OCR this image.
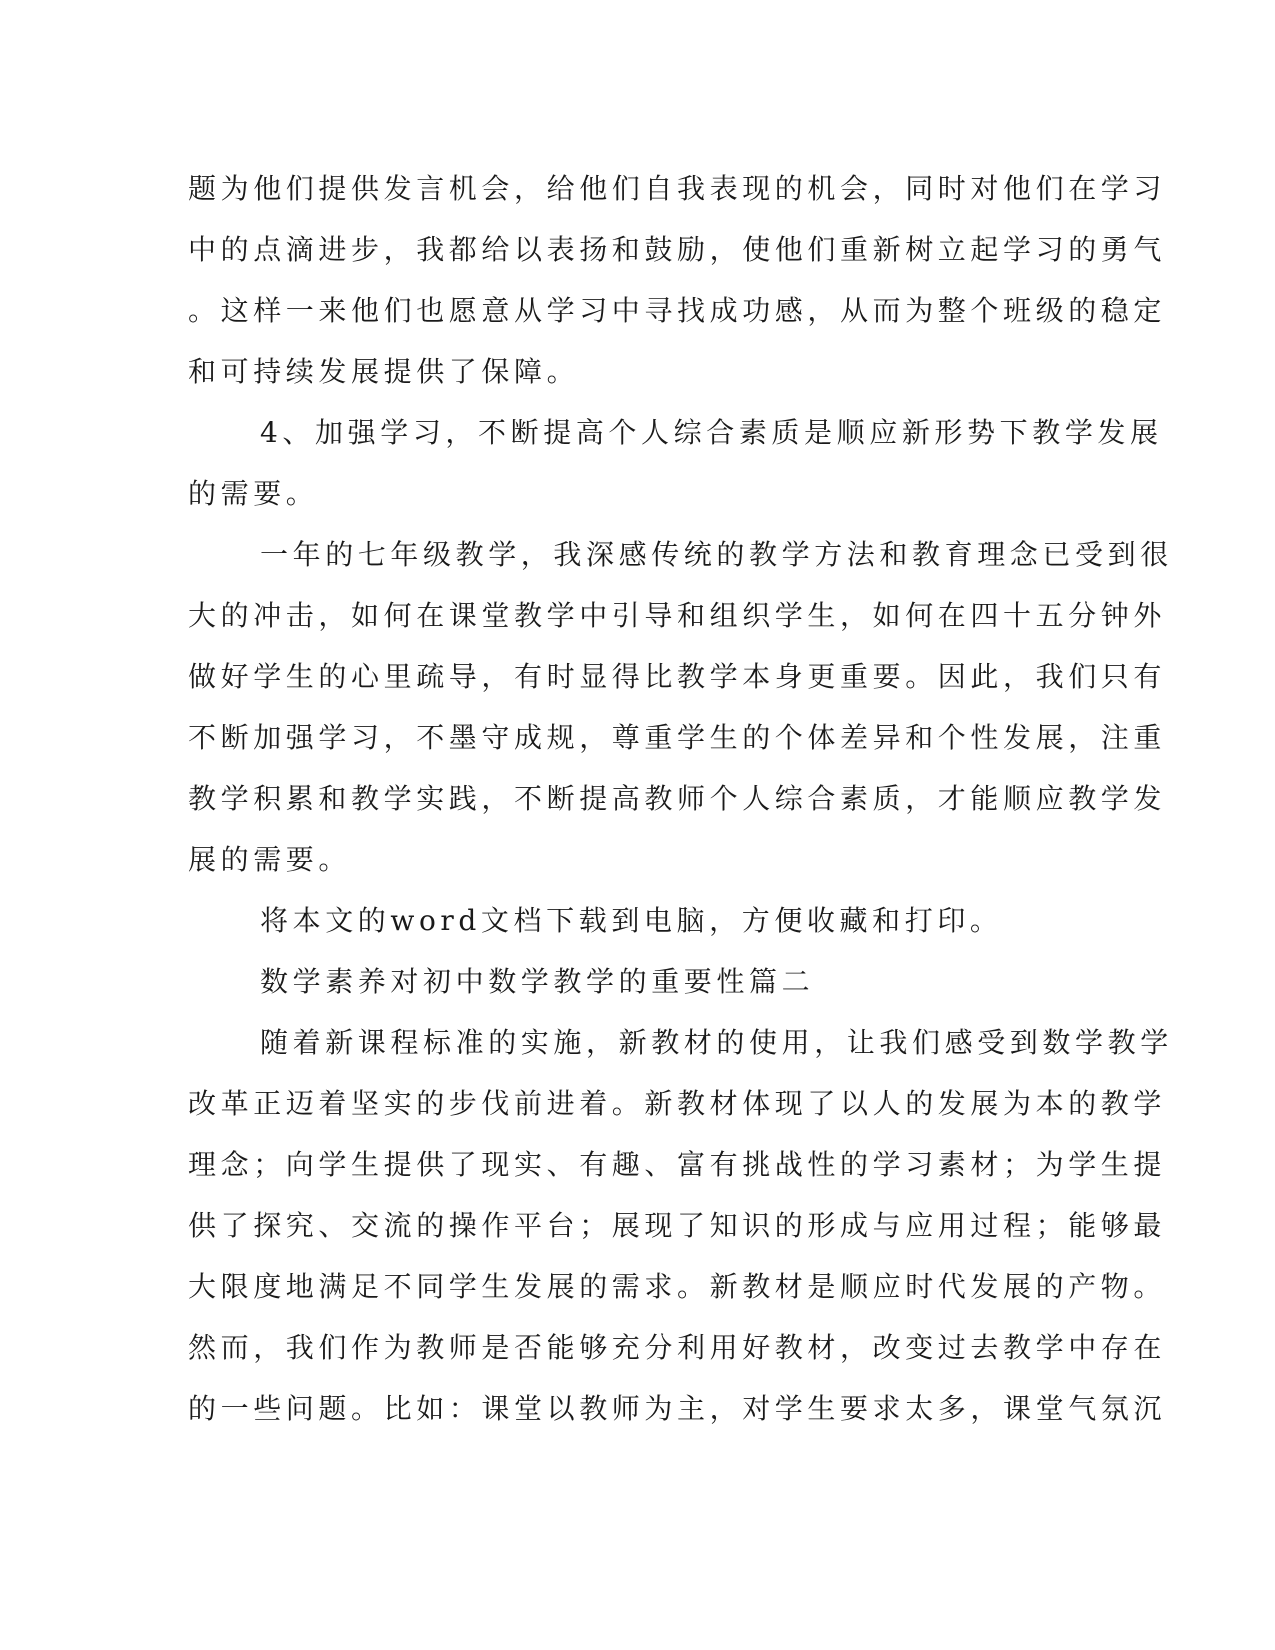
题为他们提供发言机会，给他们自我表现的机会，同时对他们在学习
中的点滴进步，我都给以表扬和鼓励，使他们重新树立起学习的勇气
。这样一来他们也愿意从学习中寻找成功感，从而为整个班级的稳定
和可持续发展提供了保障。
4、加强学习，不断提高个人综合素质是顺应新形势下教学发展
的需要。
一年的七年级教学，我深感传统的教学方法和教育理念已受到很
大的冲击，如何在课堂教学中引导和组织学生，如何在四十五分钟外
做好学生的心里疏导，有时显得比教学本身更重要。因此，我们只有
不断加强学习，不墨守成规，尊重学生的个体差异和个性发展，注重
教学积累和教学实践，不断提高教师个人综合素质，才能顺应教学发
展的需要。
将本文的word文档下载到电脑，方便收藏和打印。
数学素养对初中数学教学的重要性篇二
随着新课程标准的实施，新教材的使用，让我们感受到数学教学
改革正迈着坚实的步伐前进着。新教材体现了以人的发展为本的教学
理念；向学生提供了现实、有趣、富有挑战性的学习素材；为学生提
供了探究、交流的操作平台；展现了知识的形成与应用过程；能够最
大限度地满足不同学生发展的需求。新教材是顺应时代发展的产物。
然而，我们作为教师是否能够充分利用好教材，改变过去教学中存在
的一些问题。比如：课堂以教师为主，对学生要求太多，课堂气氛沉
